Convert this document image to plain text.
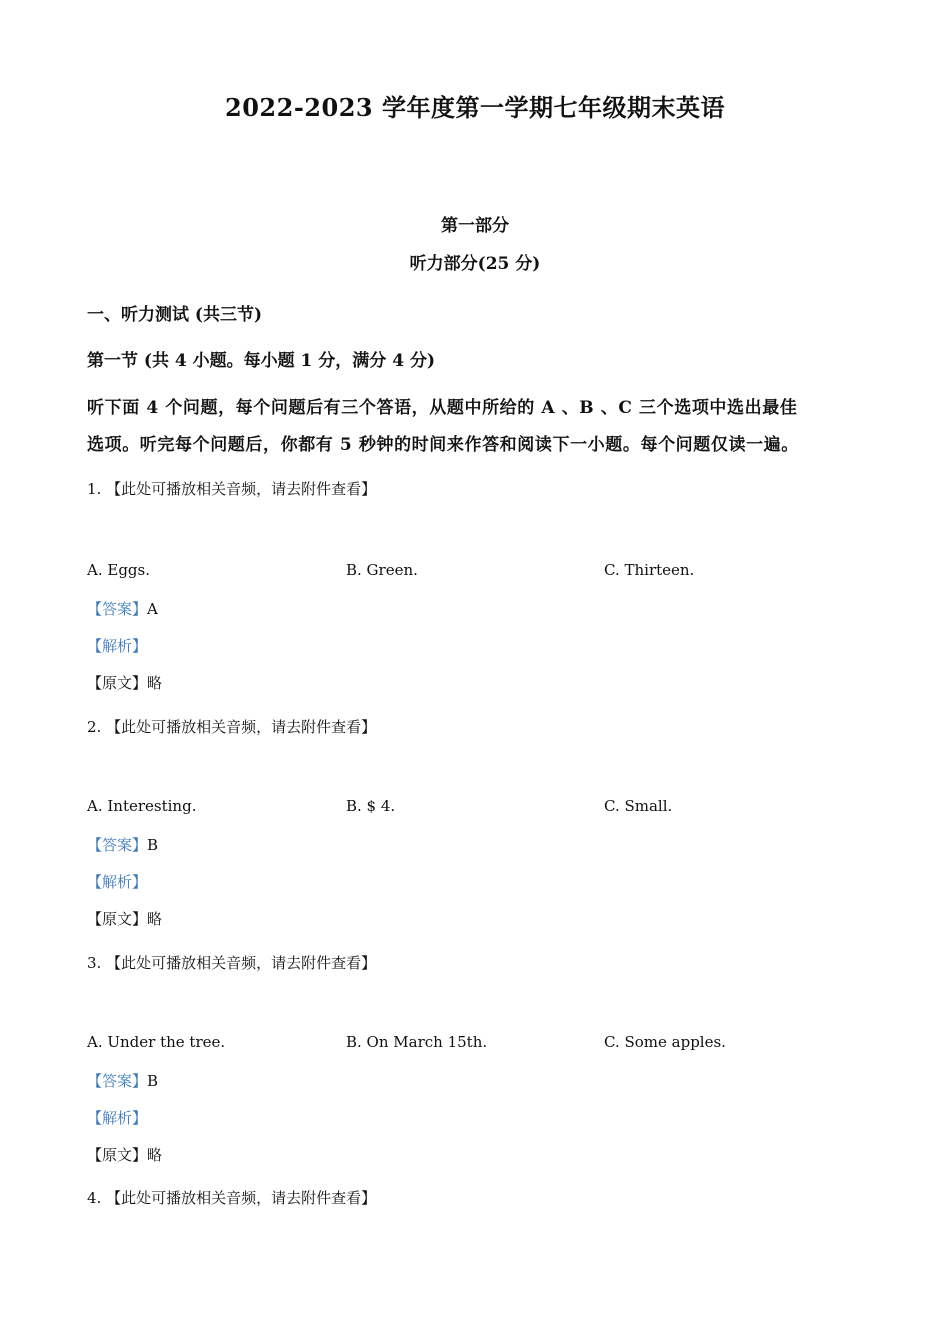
2022-2023 学年度第一学期七年级期末英语
第一部分
听力部分(25 分)
一、听力测试 (共三节)
第一节 (共 4 小题。每小题 1 分，满分 4 分)
听下面 4 个问题，每个问题后有三个答语，从题中所给的 A 、B 、C 三个选项中选出最佳
选项。听完每个问题后，你都有 5 秒钟的时间来作答和阅读下一小题。每个问题仅读一遍。
1. 【此处可播放相关音频，请去附件查看】
A. Eggs.	B. Green.	C. Thirteen.
【答案】A
【解析】
【原文】略
2. 【此处可播放相关音频，请去附件查看】
A. Interesting.	B. $ 4.	C. Small.
【答案】B
【解析】
【原文】略
3. 【此处可播放相关音频，请去附件查看】
A. Under the tree.	B. On March 15th.	C. Some apples.
【答案】B
【解析】
【原文】略
4. 【此处可播放相关音频，请去附件查看】
